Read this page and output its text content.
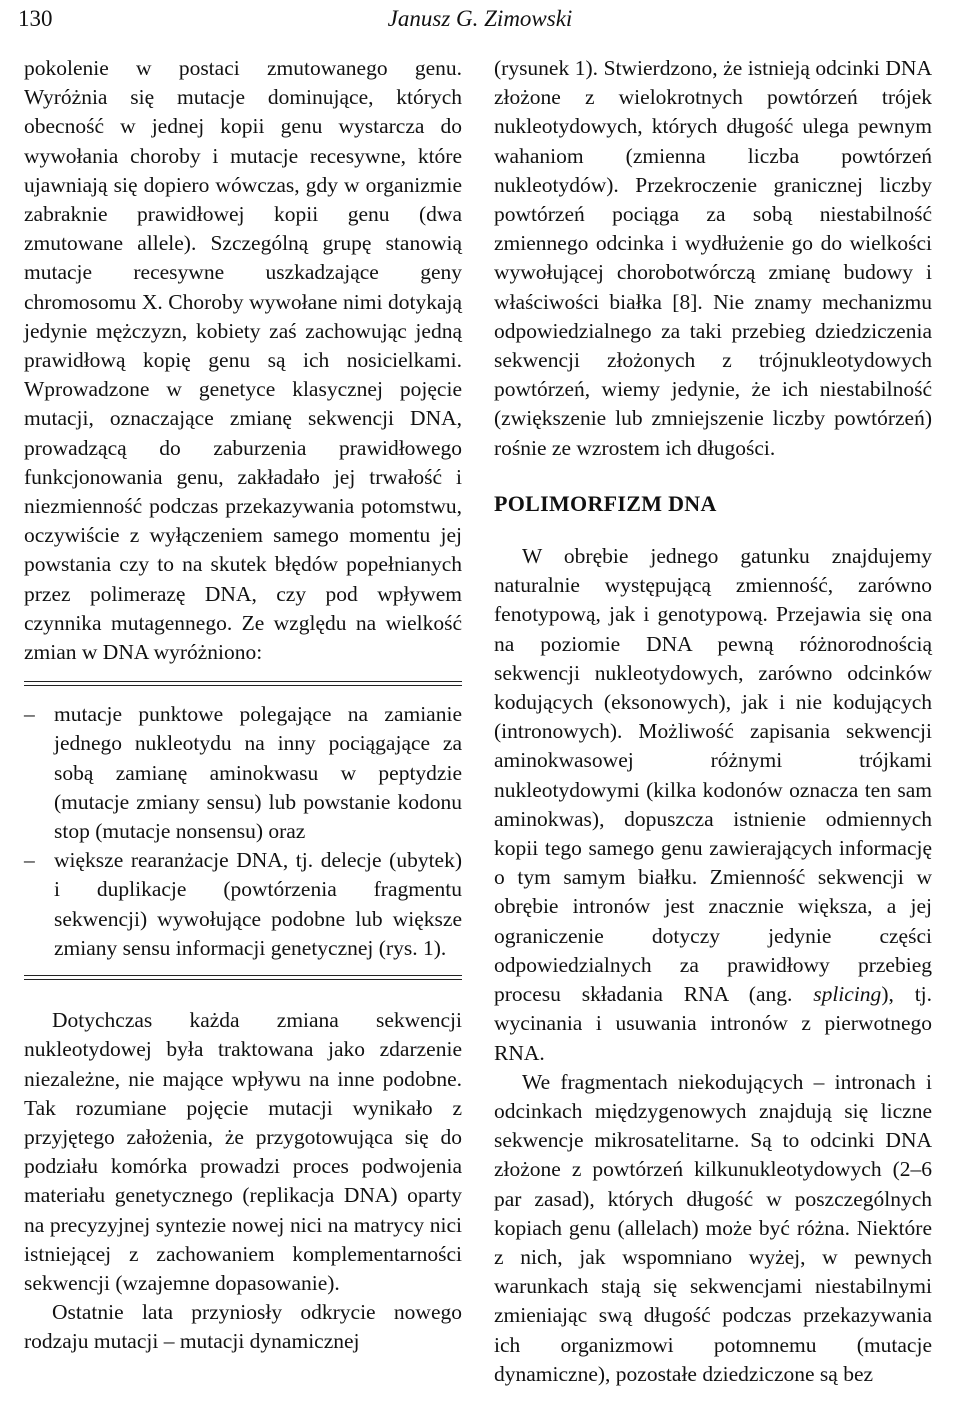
130	Janusz G. Zimowski

pokolenie w postaci zmutowanego genu. Wyróżnia się mutacje dominujące, których obecność w jednej kopii genu wystarcza do wywołania choroby i mutacje recesywne, które ujawniają się dopiero wówczas, gdy w organizmie zabraknie prawidłowej kopii genu (dwa zmutowane allele). Szczególną grupę stanowią mutacje recesywne uszkadzające geny chromosomu X. Choroby wywołane nimi dotykają jedynie mężczyzn, kobiety zaś zachowując jedną prawidłową kopię genu są ich nosicielkami. Wprowadzone w genetyce klasycznej pojęcie mutacji, oznaczające zmianę sekwencji DNA, prowadzącą do zaburzenia prawidłowego funkcjonowania genu, zakładało jej trwałość i niezmienność podczas przekazywania potomstwu, oczywiście z wyłączeniem samego momentu jej powstania czy to na skutek błędów popełnianych przez polimerazę DNA, czy pod wpływem czynnika mutagennego. Ze względu na wielkość zmian w DNA wyróżniono:

– mutacje punktowe polegające na zamianie jednego nukleotydu na inny pociągające za sobą zamianę aminokwasu w peptydzie (mutacje zmiany sensu) lub powstanie kodonu stop (mutacje nonsensu) oraz
– większe rearanżacje DNA, tj. delecje (ubytek) i duplikacje (powtórzenia fragmentu sekwencji) wywołujące podobne lub większe zmiany sensu informacji genetycznej (rys. 1).

Dotychczas każda zmiana sekwencji nukleotydowej była traktowana jako zdarzenie niezależne, nie mające wpływu na inne podobne. Tak rozumiane pojęcie mutacji wynikało z przyjętego założenia, że przygotowująca się do podziału komórka prowadzi proces podwojenia materiału genetycznego (replikacja DNA) oparty na precyzyjnej syntezie nowej nici na matrycy nici istniejącej z zachowaniem komplementarności sekwencji (wzajemne dopasowanie).

Ostatnie lata przyniosły odkrycie nowego rodzaju mutacji – mutacji dynamicznej

(rysunek 1). Stwierdzono, że istnieją odcinki DNA złożone z wielokrotnych powtórzeń trójek nukleotydowych, których długość ulega pewnym wahaniom (zmienna liczba powtórzeń nukleotydów). Przekroczenie granicznej liczby powtórzeń pociąga za sobą niestabilność zmiennego odcinka i wydłużenie go do wielkości wywołującej chorobotwórczą zmianę budowy i właściwości białka [8]. Nie znamy mechanizmu odpowiedzialnego za taki przebieg dziedziczenia sekwencji złożonych z trójnukleotydowych powtórzeń, wiemy jedynie, że ich niestabilność (zwiększenie lub zmniejszenie liczby powtórzeń) rośnie ze wzrostem ich długości.

POLIMORFIZM DNA

W obrębie jednego gatunku znajdujemy naturalnie występującą zmienność, zarówno fenotypową, jak i genotypową. Przejawia się ona na poziomie DNA pewną różnorodnością sekwencji nukleotydowych, zarówno odcinków kodujących (eksonowych), jak i nie kodujących (intronowych). Możliwość zapisania sekwencji aminokwasowej różnymi trójkami nukleotydowymi (kilka kodonów oznacza ten sam aminokwas), dopuszcza istnienie odmiennych kopii tego samego genu zawierających informację o tym samym białku. Zmienność sekwencji w obrębie intronów jest znacznie większa, a jej ograniczenie dotyczy jedynie części odpowiedzialnych za prawidłowy przebieg procesu składania RNA (ang. splicing), tj. wycinania i usuwania intronów z pierwotnego RNA.

We fragmentach niekodujących – intronach i odcinkach międzygenowych znajdują się liczne sekwencje mikrosatelitarne. Są to odcinki DNA złożone z powtórzeń kilkunukleotydowych (2–6 par zasad), których długość w poszczególnych kopiach genu (allelach) może być różna. Niektóre z nich, jak wspomniano wyżej, w pewnych warunkach stają się sekwencjami niestabilnymi zmieniając swą długość podczas przekazywania ich organizmowi potomnemu (mutacje dynamiczne), pozostałe dziedziczone są bez
